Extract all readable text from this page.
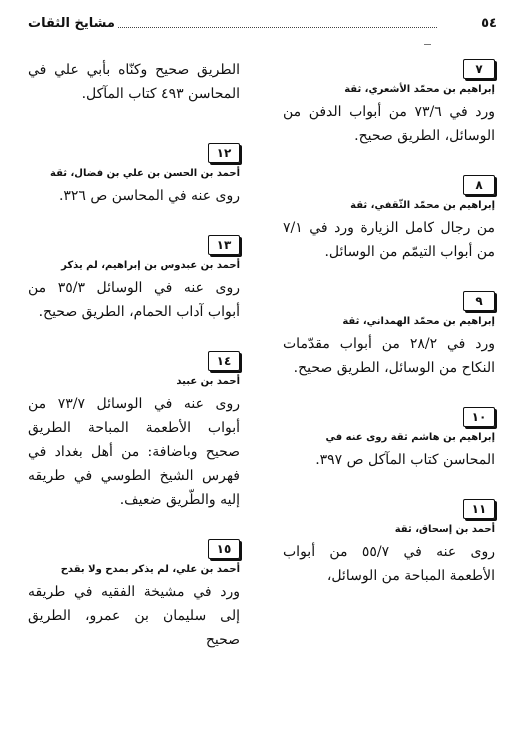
٥٤
مشايخ الثقات
٧
إبراهيم بن محمّد الأشعري، ثقة
ورد في ٧٣/٦ من أبواب الدفن من الوسائل، الطريق صحيح.
٨
إبراهيم بن محمّد الثّقفي، ثقة
من رجال كامل الزيارة ورد في ٧/١ من أبواب التيمّم من الوسائل.
٩
إبراهيم بن محمّد الهمداني، ثقة
ورد في ٢٨/٢ من أبواب مقدّمات النكاح من الوسائل، الطريق صحيح.
١٠
إبراهيم بن هاشم ثقة روى عنه في
المحاسن كتاب المآكل ص ٣٩٧.
١١
أحمد بن إسحاق، ثقة
روى عنه في ٥٥/٧ من أبواب الأطعمة المباحة من الوسائل،
الطريق صحيح وكنّاه بأبي علي في المحاسن ٤٩٣ كتاب المآكل.
١٢
أحمد بن الحسن بن علي بن فضال، ثقة
روى عنه في المحاسن ص ٣٢٦.
١٣
أحمد بن عبدوس بن إبراهيم، لم يذكر
روى عنه في الوسائل ٣٥/٣ من أبواب آداب الحمام، الطريق صحيح.
١٤
أحمد بن عبيد
روى عنه في الوسائل ٧٣/٧ من أبواب الأطعمة المباحة الطريق صحيح وباضافة: من أهل بغداد في فهرس الشيخ الطوسي في طريقه إليه والطّريق ضعيف.
١٥
أحمد بن علي، لم يذكر بمدح ولا بقدح
ورد في مشيخة الفقيه في طريقه إلى سليمان بن عمرو، الطريق صحيح
